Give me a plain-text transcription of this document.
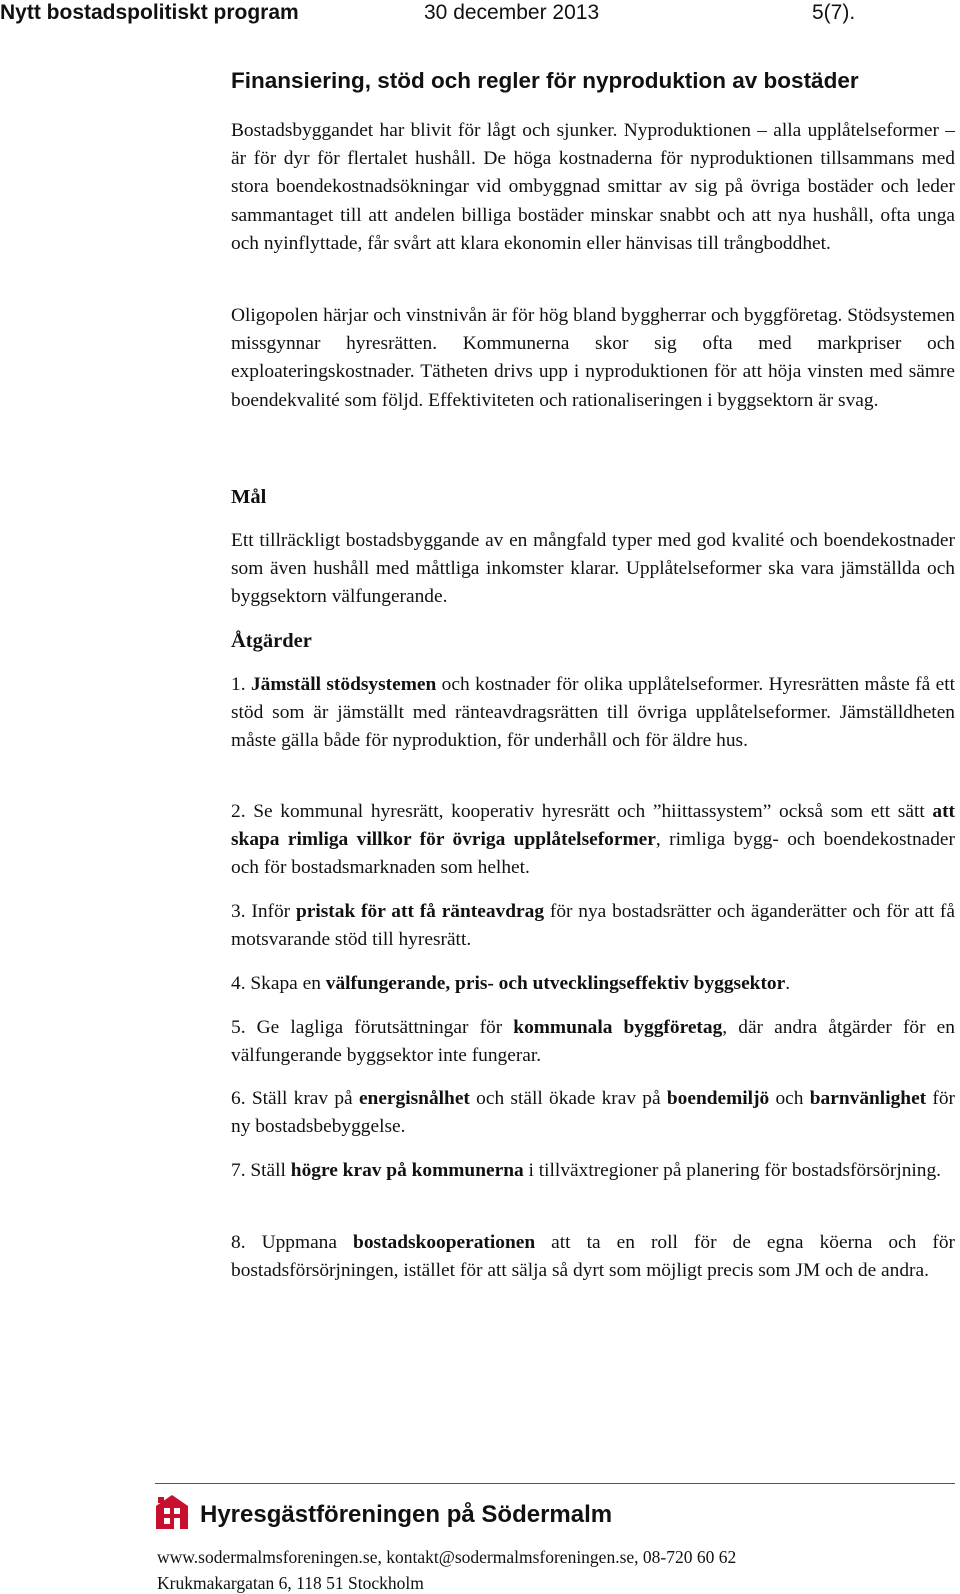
Nytt bostadspolitiskt program	30 december 2013	5(7).
Finansiering, stöd och regler för nyproduktion av bostäder

Bostadsbyggandet har blivit för lågt och sjunker. Nyproduktionen – alla upplåtelseformer – är för dyr för flertalet hushåll. De höga kostnaderna för nyproduktionen tillsammans med stora boendekostnadsökningar vid ombyggnad smittar av sig på övriga bostäder och leder sammantaget till att andelen billiga bostäder minskar snabbt och att nya hushåll, ofta unga och nyinflyttade, får svårt att klara ekonomin eller hänvisas till trångboddhet.

Oligopolen härjar och vinstnivån är för hög bland byggherrar och byggföretag. Stödsystemen missgynnar hyresrätten. Kommunerna skor sig ofta med markpriser och exploateringskostnader. Tätheten drivs upp i nyproduktionen för att höja vinsten med sämre boendekvalité som följd. Effektiviteten och rationaliseringen i byggsektorn är svag.

Mål

Ett tillräckligt bostadsbyggande av en mångfald typer med god kvalité och boendekostnader som även hushåll med måttliga inkomster klarar. Upplåtelseformer ska vara jämställda och byggsektorn välfungerande.

Åtgärder

1. Jämställ stödsystemen och kostnader för olika upplåtelseformer. Hyresrätten måste få ett stöd som är jämställt med ränteavdragsrätten till övriga upplåtelseformer. Jämställdheten måste gälla både för nyproduktion, för underhåll och för äldre hus.

2. Se kommunal hyresrätt, kooperativ hyresrätt och ”hiittassystem” också som ett sätt att skapa rimliga villkor för övriga upplåtelseformer, rimliga bygg- och boendekostnader och för bostadsmarknaden som helhet.

3. Inför pristak för att få ränteavdrag för nya bostadsrätter och äganderätter och för att få motsvarande stöd till hyresrätt.

4. Skapa en välfungerande, pris- och utvecklingseffektiv byggsektor.

5. Ge lagliga förutsättningar för kommunala byggföretag, där andra åtgärder för en välfungerande byggsektor inte fungerar.

6. Ställ krav på energisnålhet och ställ ökade krav på boendemiljö och barnvänlighet för ny bostadsbebyggelse.

7. Ställ högre krav på kommunerna i tillväxtregioner på planering för bostadsförsörjning.

8. Uppmana bostadskooperationen att ta en roll för de egna köerna och för bostadsförsörjningen, istället för att sälja så dyrt som möjligt precis som JM och de andra.

Hyresgästföreningen på Södermalm
www.sodermalmsforeningen.se, kontakt@sodermalmsforeningen.se, 08-720 60 62
Krukmakargatan 6, 118 51 Stockholm
